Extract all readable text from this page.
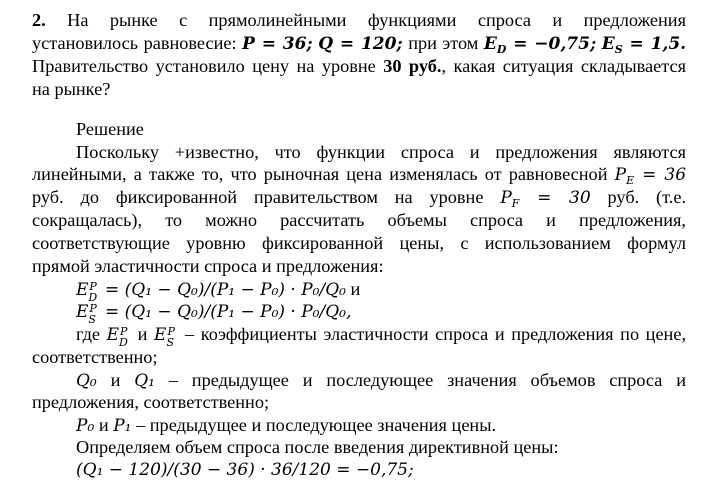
2. На рынке с прямолинейными функциями спроса и предложения
установилось равновесие: P = 36; Q = 120; при этом $E_D = -0,75$; $E_S = 1,5$.
Правительство установило цену на уровне 30 руб., какая ситуация складывается
на рынке?
Решение
Поскольку +известно, что функции спроса и предложения являются
линейными, а также то, что рыночная цена изменялась от равновесной $P_E = 36$
руб. до фиксированной правительством на уровне $P_F = 30$ руб. (т.е.
сокращалась), то можно рассчитать объемы спроса и предложения,
соответствующие уровню фиксированной цены, с использованием формул
прямой эластичности спроса и предложения:
E P
D = (Q₁ − Q₀)/(P₁ − P₀) · P₀/Q₀ и
E P
S = (Q₁ − Q₀)/(P₁ − P₀) · P₀/Q₀,
где E P
D и E P
S – коэффициенты эластичности спроса и предложения по цене,
соответственно;
Q₀ и Q₁ – предыдущее и последующее значения объемов спроса и
предложения, соответственно;
P₀ и P₁ – предыдущее и последующее значения цены.
Определяем объем спроса после введения директивной цены:
(Q₁ − 120)/(30 − 36) · 36/120 = −0,75;
